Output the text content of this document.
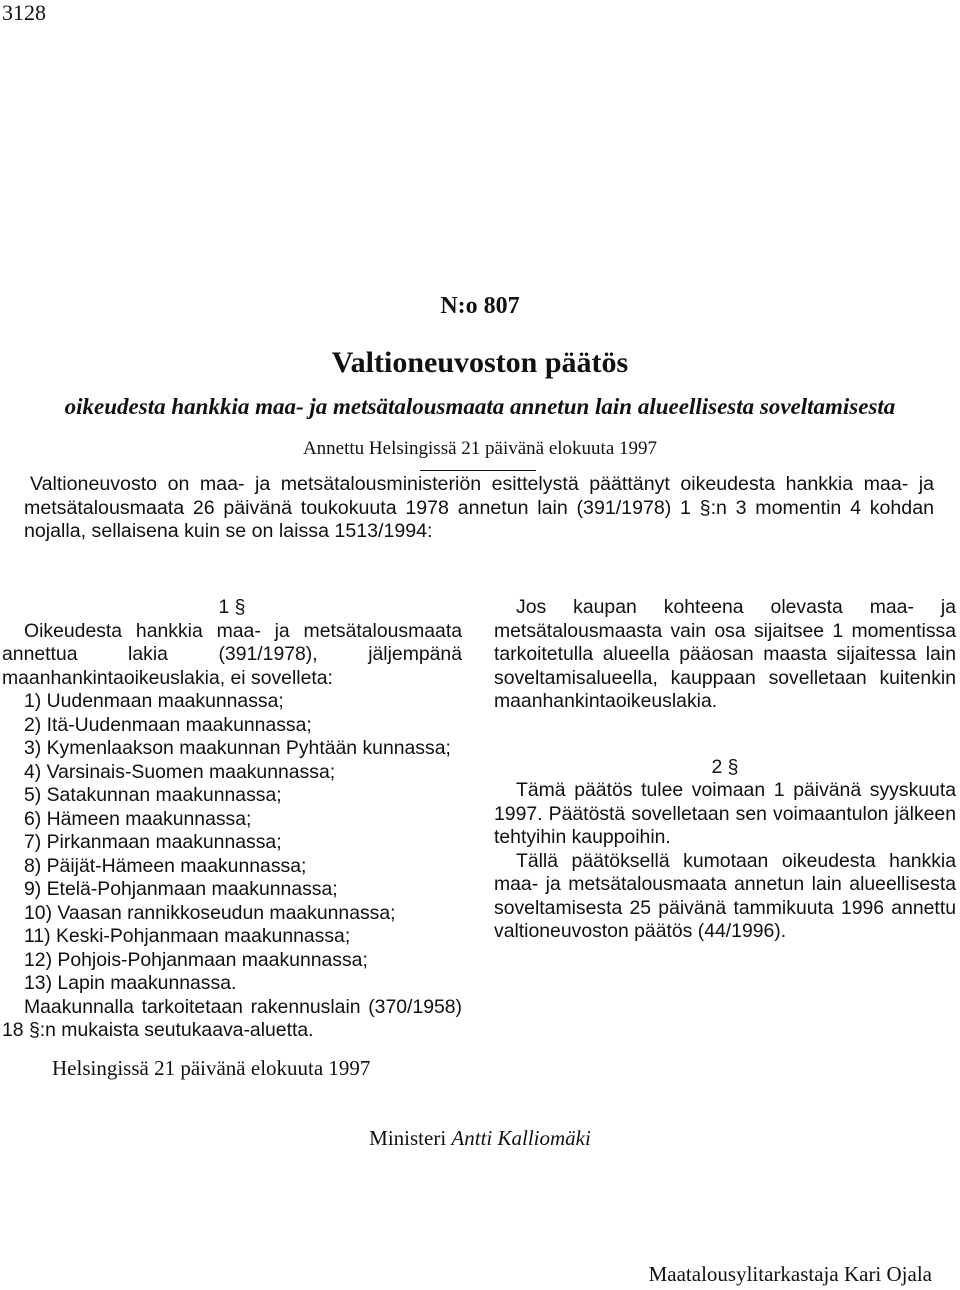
3128
N:o 807
Valtioneuvoston päätös
oikeudesta hankkia maa- ja metsätalousmaata annetun lain alueellisesta soveltamisesta
Annettu Helsingissä 21 päivänä elokuuta 1997

Valtioneuvosto on maa- ja metsätalousministeriön esittelystä päättänyt oikeudesta hankkia maa- ja metsätalousmaata 26 päivänä toukokuuta 1978 annetun lain (391/1978) 1 §:n 3 momentin 4 kohdan nojalla, sellaisena kuin se on laissa 1513/1994:

1 §

Oikeudesta hankkia maa- ja metsätalousmaata annettua lakia (391/1978), jäljempänä maanhankintaoikeuslakia, ei sovelleta:

1) Uudenmaan maakunnassa;
2) Itä-Uudenmaan maakunnassa;
3) Kymenlaakson maakunnan Pyhtään kunnassa;
4) Varsinais-Suomen maakunnassa;
5) Satakunnan maakunnassa;
6) Hämeen maakunnassa;
7) Pirkanmaan maakunnassa;
8) Päijät-Hämeen maakunnassa;
9) Etelä-Pohjanmaan maakunnassa;
10) Vaasan rannikkoseudun maakunnassa;
11) Keski-Pohjanmaan maakunnassa;
12) Pohjois-Pohjanmaan maakunnassa;
13) Lapin maakunnassa.

Maakunnalla tarkoitetaan rakennuslain (370/1958) 18 §:n mukaista seutukaava-aluetta.

Jos kaupan kohteena olevasta maa- ja metsätalousmaasta vain osa sijaitsee 1 momentissa tarkoitetulla alueella pääosan maasta sijaitessa lain soveltamisalueella, kauppaan sovelletaan kuitenkin maanhankintaoikeuslakia.

2 §

Tämä päätös tulee voimaan 1 päivänä syyskuuta 1997. Päätöstä sovelletaan sen voimaantulon jälkeen tehtyihin kauppoihin.

Tällä päätöksellä kumotaan oikeudesta hankkia maa- ja metsätalousmaata annetun lain alueellisesta soveltamisesta 25 päivänä tammikuuta 1996 annettu valtioneuvoston päätös (44/1996).

Helsingissä 21 päivänä elokuuta 1997
Ministeri Antti Kalliomäki
Maatalousylitarkastaja Kari Ojala
